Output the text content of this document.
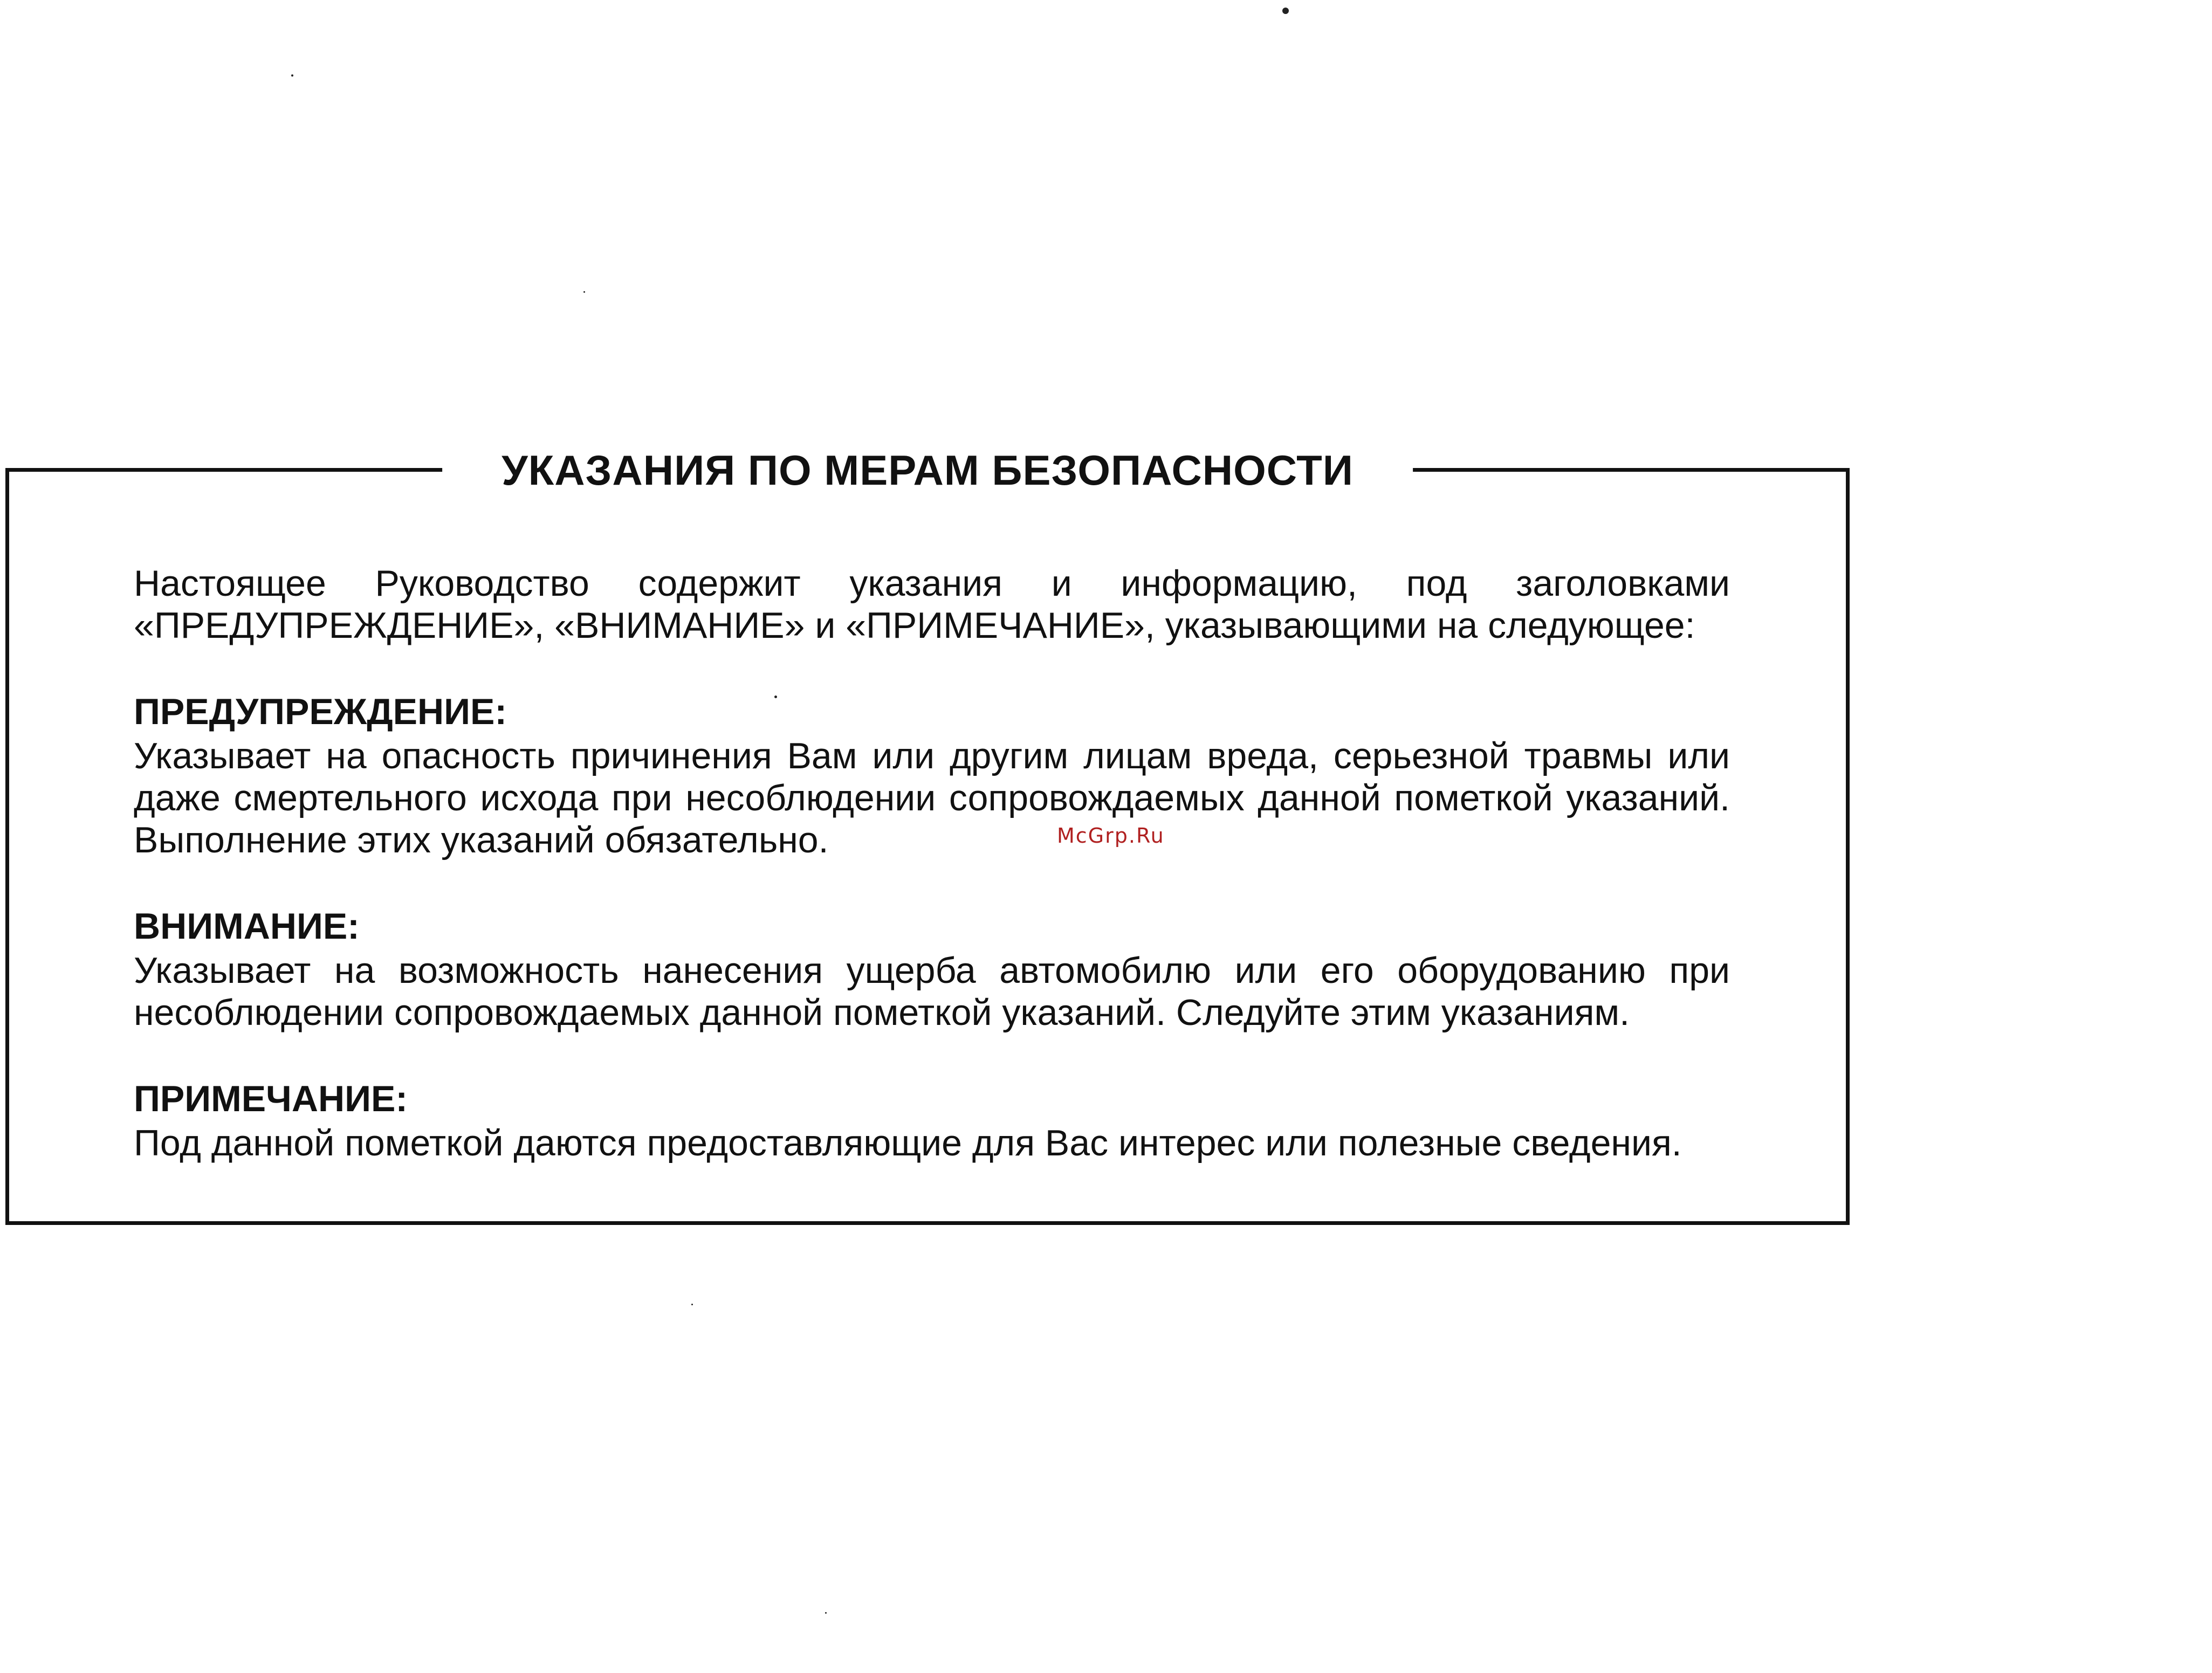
УКАЗАНИЯ ПО МЕРАМ БЕЗОПАСНОСТИ

Настоящее Руководство содержит указания и информацию, под заголовками «ПРЕДУПРЕЖДЕНИЕ», «ВНИМАНИЕ» и «ПРИМЕЧАНИЕ», указывающими на следующее:

ПРЕДУПРЕЖДЕНИЕ:

Указывает на опасность причинения Вам или другим лицам вреда, серьезной травмы или даже смертельного исхода при несоблюдении сопровождаемых данной пометкой указаний. Выполнение этих указаний обязательно.

ВНИМАНИЕ:

Указывает на возможность нанесения ущерба автомобилю или его оборудованию при несоблюдении сопровождаемых данной пометкой указаний. Следуйте этим указаниям.

ПРИМЕЧАНИЕ:

Под данной пометкой даются предоставляющие для Вас интерес или полезные сведения.

McGrp.Ru
